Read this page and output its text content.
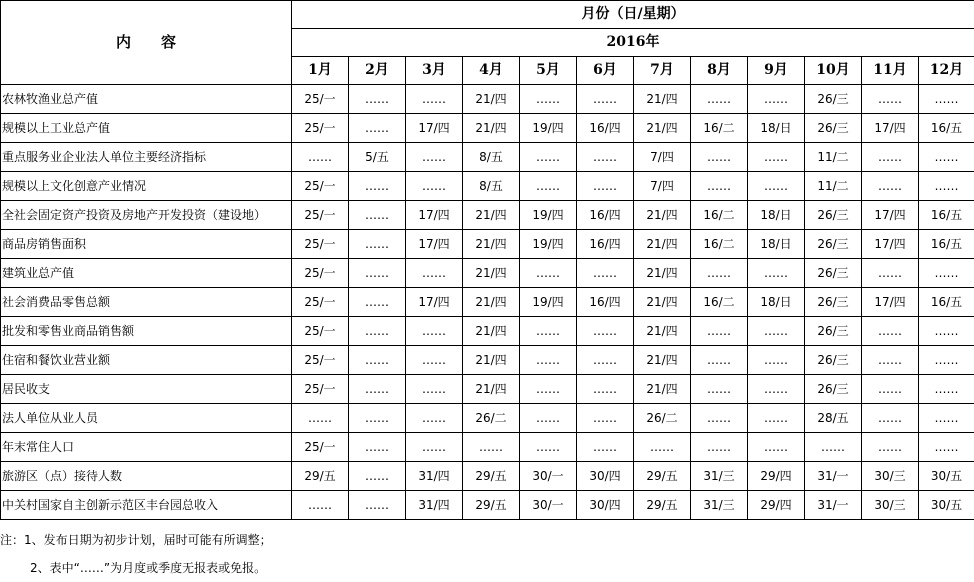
内　　容	月份（日/星期）											
	2016年											
	1月	2月	3月	4月	5月	6月	7月	8月	9月	10月	11月	12月
农林牧渔业总产值	25/一	……	……	21/四	……	……	21/四	……	……	26/三	……	……
规模以上工业总产值	25/一	……	17/四	21/四	19/四	16/四	21/四	16/二	18/日	26/三	17/四	16/五
重点服务业企业法人单位主要经济指标	……	5/五	……	8/五	……	……	7/四	……	……	11/二	……	……
规模以上文化创意产业情况	25/一	……	……	8/五	……	……	7/四	……	……	11/二	……	……
全社会固定资产投资及房地产开发投资（建设地）	25/一	……	17/四	21/四	19/四	16/四	21/四	16/二	18/日	26/三	17/四	16/五
商品房销售面积	25/一	……	17/四	21/四	19/四	16/四	21/四	16/二	18/日	26/三	17/四	16/五
建筑业总产值	25/一	……	……	21/四	……	……	21/四	……	……	26/三	……	……
社会消费品零售总额	25/一	……	17/四	21/四	19/四	16/四	21/四	16/二	18/日	26/三	17/四	16/五
批发和零售业商品销售额	25/一	……	……	21/四	……	……	21/四	……	……	26/三	……	……
住宿和餐饮业营业额	25/一	……	……	21/四	……	……	21/四	……	……	26/三	……	……
居民收支	25/一	……	……	21/四	……	……	21/四	……	……	26/三	……	……
法人单位从业人员	……	……	……	26/二	……	……	26/二	……	……	28/五	……	……
年末常住人口	25/一	……	……	……	……	……	……	……	……	……	……	……
旅游区（点）接待人数	29/五	……	31/四	29/五	30/一	30/四	29/五	31/三	29/四	31/一	30/三	30/五
中关村国家自主创新示范区丰台园总收入	……	……	31/四	29/五	30/一	30/四	29/五	31/三	29/四	31/一	30/三	30/五
注：1、发布日期为初步计划，届时可能有所调整；
2、表中“……”为月度或季度无报表或免报。
